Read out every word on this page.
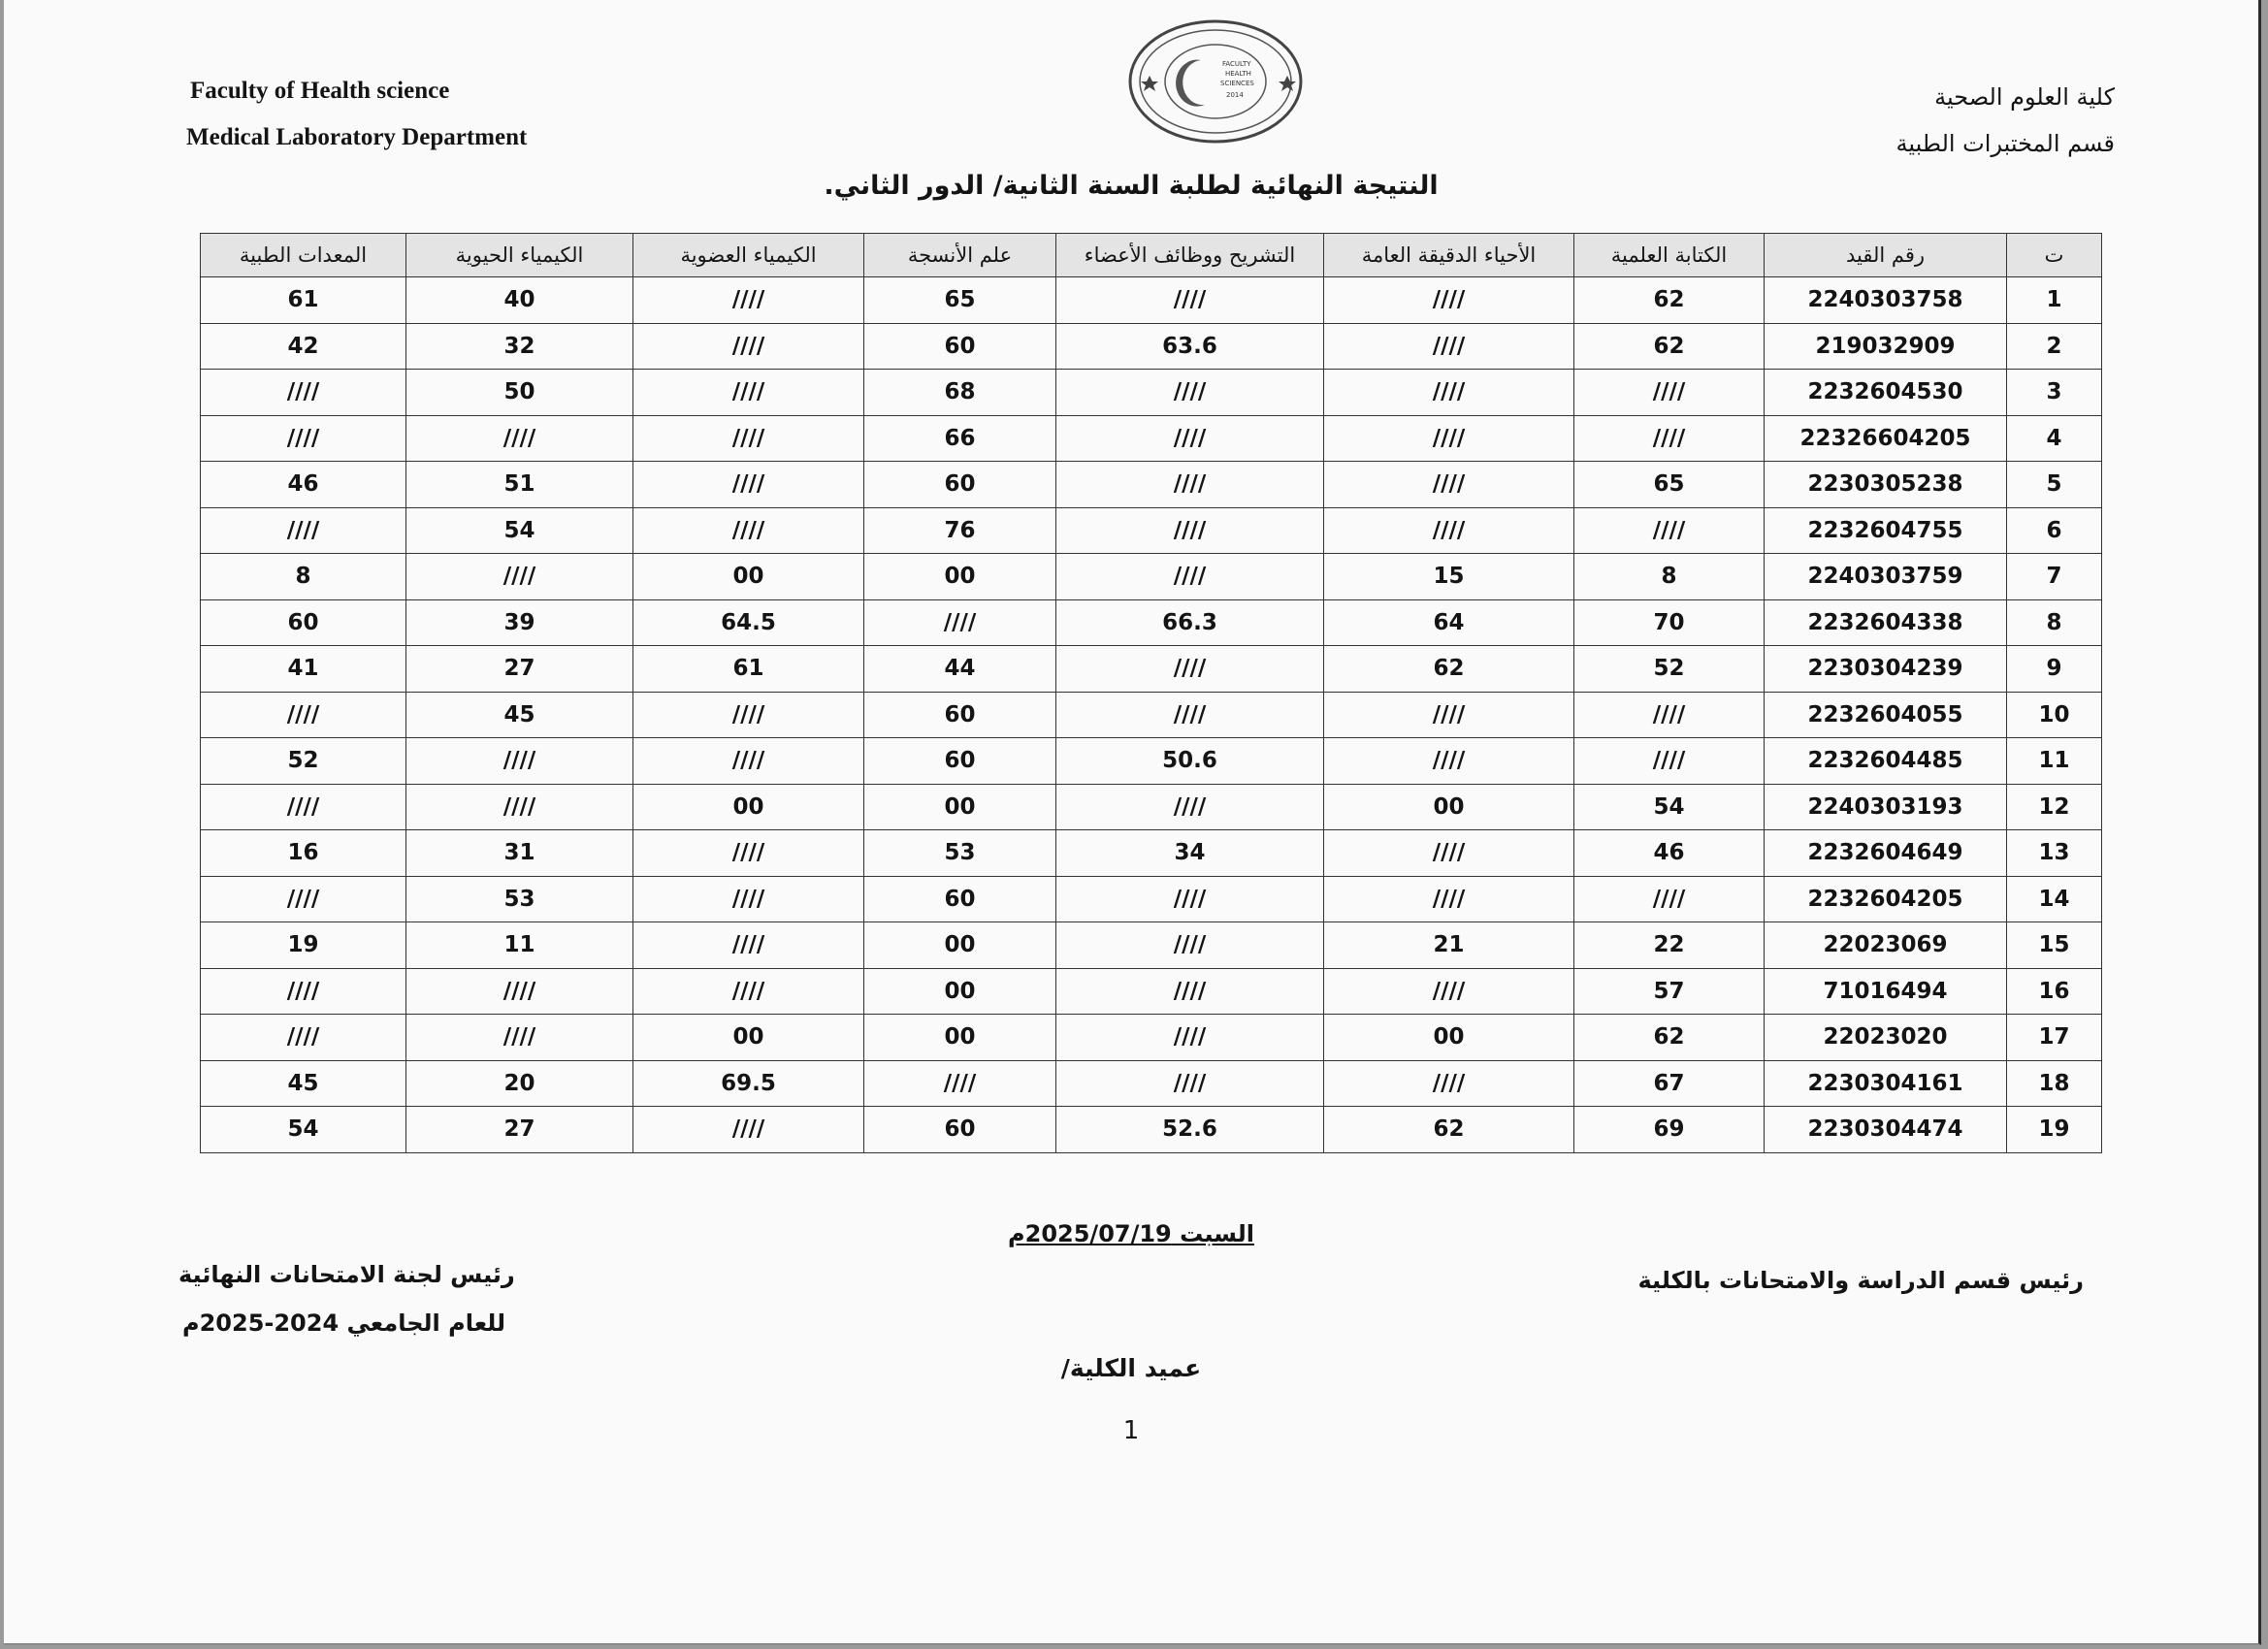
Faculty of Health science
Medical Laboratory Department
كلية العلوم الصحية
قسم المختبرات الطبية
FACULTY
HEALTH
SCIENCES
2014
النتيجة النهائية لطلبة السنة الثانية/ الدور الثاني.
ت	رقم القيد	الكتابة العلمية	الأحياء الدقيقة العامة	التشريح ووظائف الأعضاء	علم الأنسجة	الكيمياء العضوية	الكيمياء الحيوية	المعدات الطبية
1	2240303758	62	////	////	65	////	40	61
2	219032909	62	////	63.6	60	////	32	42
3	2232604530	////	////	////	68	////	50	////
4	22326604205	////	////	////	66	////	////	////
5	2230305238	65	////	////	60	////	51	46
6	2232604755	////	////	////	76	////	54	////
7	2240303759	8	15	////	00	00	////	8
8	2232604338	70	64	66.3	////	64.5	39	60
9	2230304239	52	62	////	44	61	27	41
10	2232604055	////	////	////	60	////	45	////
11	2232604485	////	////	50.6	60	////	////	52
12	2240303193	54	00	////	00	00	////	////
13	2232604649	46	////	34	53	////	31	16
14	2232604205	////	////	////	60	////	53	////
15	22023069	22	21	////	00	////	11	19
16	71016494	57	////	////	00	////	////	////
17	22023020	62	00	////	00	00	////	////
18	2230304161	67	////	////	////	69.5	20	45
19	2230304474	69	62	52.6	60	////	27	54
السبت 2025/07/19م
رئيس قسم الدراسة والامتحانات بالكلية
رئيس لجنة الامتحانات النهائية
للعام الجامعي 2024-2025م
عميد الكلية/
1
